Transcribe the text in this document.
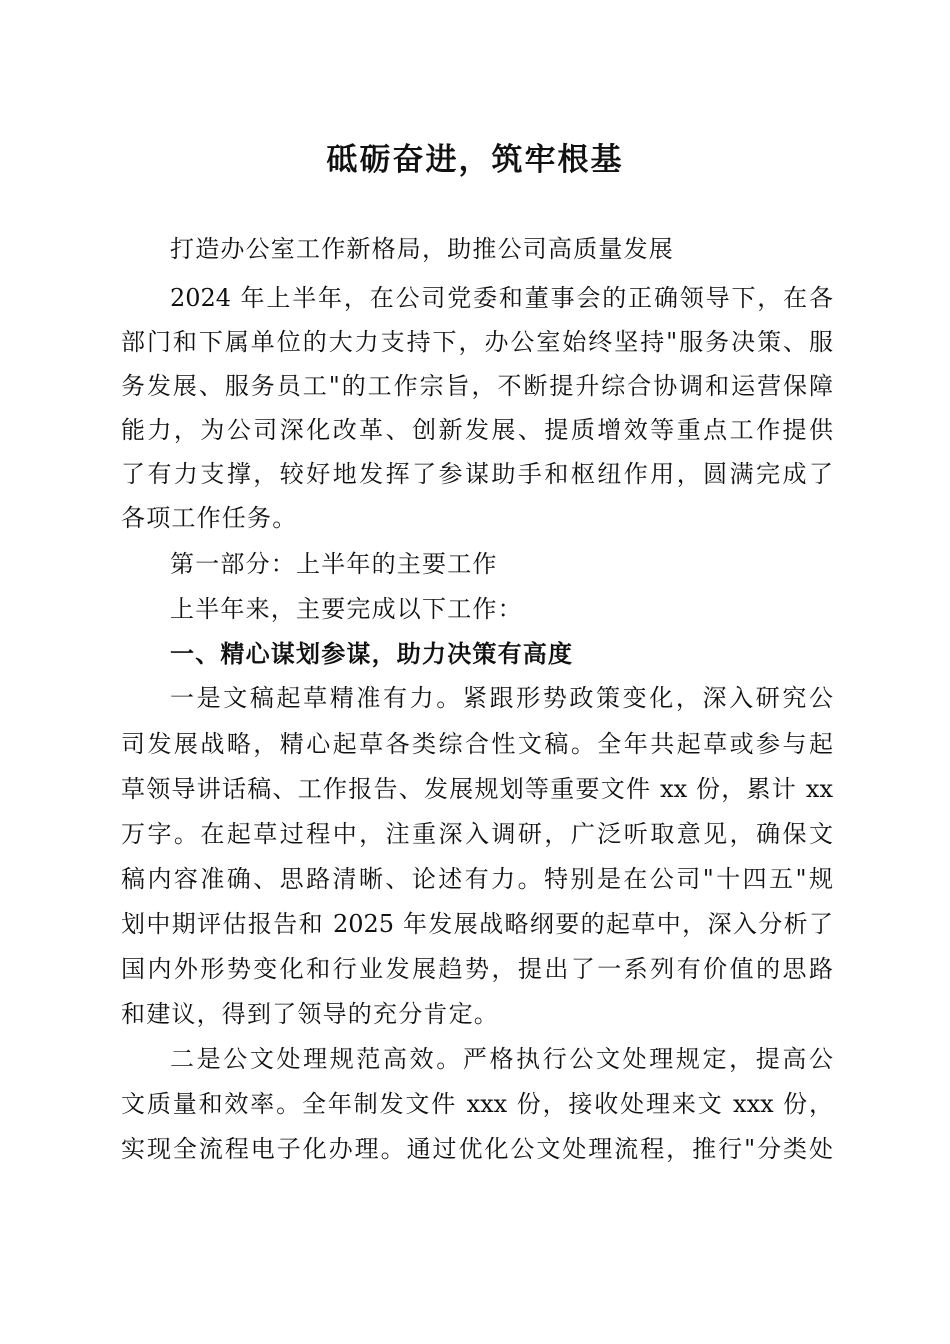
砥砺奋进，筑牢根基

打造办公室工作新格局，助推公司高质量发展

2024 年上半年，在公司党委和董事会的正确领导下，在各

部门和下属单位的大力支持下，办公室始终坚持"服务决策、服

务发展、服务员工"的工作宗旨，不断提升综合协调和运营保障

能力，为公司深化改革、创新发展、提质增效等重点工作提供

了有力支撑，较好地发挥了参谋助手和枢纽作用，圆满完成了

各项工作任务。

第一部分：上半年的主要工作

上半年来，主要完成以下工作：

一、精心谋划参谋，助力决策有高度

一是文稿起草精准有力。紧跟形势政策变化，深入研究公

司发展战略，精心起草各类综合性文稿。全年共起草或参与起

草领导讲话稿、工作报告、发展规划等重要文件 xx 份，累计 xx

万字。在起草过程中，注重深入调研，广泛听取意见，确保文

稿内容准确、思路清晰、论述有力。特别是在公司"十四五"规

划中期评估报告和 2025 年发展战略纲要的起草中，深入分析了

国内外形势变化和行业发展趋势，提出了一系列有价值的思路

和建议，得到了领导的充分肯定。

二是公文处理规范高效。严格执行公文处理规定，提高公

文质量和效率。全年制发文件 xxx 份，接收处理来文 xxx 份，

实现全流程电子化办理。通过优化公文处理流程，推行"分类处
